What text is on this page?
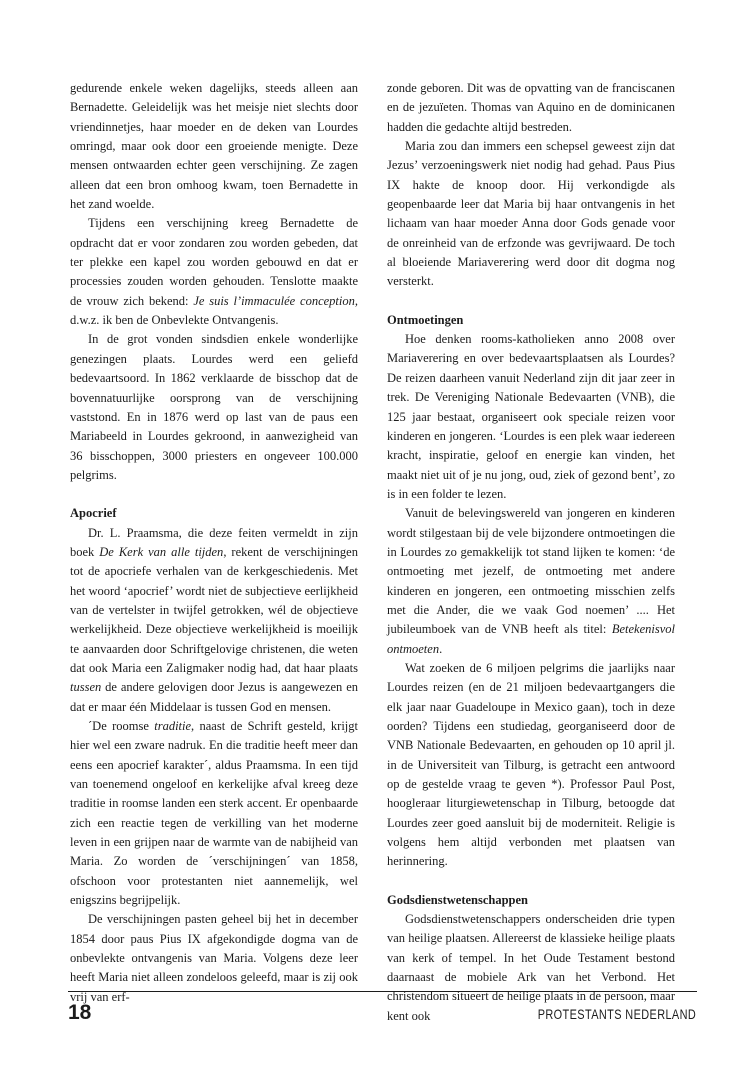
gedurende enkele weken dagelijks, steeds alleen aan Bernadette. Geleidelijk was het meisje niet slechts door vriendinnetjes, haar moeder en de deken van Lourdes omringd, maar ook door een groeiende menigte. Deze mensen ontwaarden echter geen verschijning. Ze zagen alleen dat een bron omhoog kwam, toen Bernadette in het zand woelde.

Tijdens een verschijning kreeg Bernadette de opdracht dat er voor zondaren zou worden gebeden, dat ter plekke een kapel zou worden gebouwd en dat er processies zouden worden gehouden. Tenslotte maakte de vrouw zich bekend: Je suis l’immaculée conception, d.w.z. ik ben de Onbevlekte Ontvangenis.

In de grot vonden sindsdien enkele wonderlijke genezingen plaats. Lourdes werd een geliefd bedevaartsoord. In 1862 verklaarde de bisschop dat de bovennatuurlijke oorsprong van de verschijning vaststond. En in 1876 werd op last van de paus een Mariabeeld in Lourdes gekroond, in aanwezigheid van 36 bisschoppen, 3000 priesters en ongeveer 100.000 pelgrims.

Apocrief

Dr. L. Praamsma, die deze feiten vermeldt in zijn boek De Kerk van alle tijden, rekent de verschijningen tot de apocriefe verhalen van de kerkgeschiedenis. Met het woord ‘apocrief’ wordt niet de subjectieve eerlijkheid van de vertelster in twijfel getrokken, wél de objectieve werkelijkheid. Deze objectieve werkelijkheid is moeilijk te aanvaarden door Schriftgelovige christenen, die weten dat ook Maria een Zaligmaker nodig had, dat haar plaats tussen de andere gelovigen door Jezus is aangewezen en dat er maar één Middelaar is tussen God en mensen.

´De roomse traditie, naast de Schrift gesteld, krijgt hier wel een zware nadruk. En die traditie heeft meer dan eens een apocrief karakter´, aldus Praamsma. In een tijd van toenemend ongeloof en kerkelijke afval kreeg deze traditie in roomse landen een sterk accent. Er openbaarde zich een reactie tegen de verkilling van het moderne leven in een grijpen naar de warmte van de nabijheid van Maria. Zo worden de ´verschijningen´ van 1858, ofschoon voor protestanten niet aannemelijk, wel enigszins begrijpelijk.

De verschijningen pasten geheel bij het in december 1854 door paus Pius IX afgekondigde dogma van de onbevlekte ontvangenis van Maria. Volgens deze leer heeft Maria niet alleen zondeloos geleefd, maar is zij ook vrij van erf-

zonde geboren. Dit was de opvatting van de franciscanen en de jezuïeten. Thomas van Aquino en de dominicanen hadden die gedachte altijd bestreden.

Maria zou dan immers een schepsel geweest zijn dat Jezus’ verzoeningswerk niet nodig had gehad. Paus Pius IX hakte de knoop door. Hij verkondigde als geopenbaarde leer dat Maria bij haar ontvangenis in het lichaam van haar moeder Anna door Gods genade voor de onreinheid van de erfzonde was gevrijwaard. De toch al bloeiende Mariaverering werd door dit dogma nog versterkt.

Ontmoetingen

Hoe denken rooms-katholieken anno 2008 over Mariaverering en over bedevaartsplaatsen als Lourdes? De reizen daarheen vanuit Nederland zijn dit jaar zeer in trek. De Vereniging Nationale Bedevaarten (VNB), die 125 jaar bestaat, organiseert ook speciale reizen voor kinderen en jongeren. ‘Lourdes is een plek waar iedereen kracht, inspiratie, geloof en energie kan vinden, het maakt niet uit of je nu jong, oud, ziek of gezond bent’, zo is in een folder te lezen.

Vanuit de belevingswereld van jongeren en kinderen wordt stilgestaan bij de vele bijzondere ontmoetingen die in Lourdes zo gemakkelijk tot stand lijken te komen: ‘de ontmoeting met jezelf, de ontmoeting met andere kinderen en jongeren, een ontmoeting misschien zelfs met die Ander, die we vaak God noemen’ .... Het jubileumboek van de VNB heeft als titel: Betekenisvol ontmoeten.

Wat zoeken de 6 miljoen pelgrims die jaarlijks naar Lourdes reizen (en de 21 miljoen bedevaartgangers die elk jaar naar Guadeloupe in Mexico gaan), toch in deze oorden? Tijdens een studiedag, georganiseerd door de VNB Nationale Bedevaarten, en gehouden op 10 april jl. in de Universiteit van Tilburg, is getracht een antwoord op de gestelde vraag te geven *). Professor Paul Post, hoogleraar liturgiewetenschap in Tilburg, betoogde dat Lourdes zeer goed aansluit bij de moderniteit. Religie is volgens hem altijd verbonden met plaatsen van herinnering.

Godsdienstwetenschappen

Godsdienstwetenschappers onderscheiden drie typen van heilige plaatsen. Allereerst de klassieke heilige plaats van kerk of tempel. In het Oude Testament bestond daarnaast de mobiele Ark van het Verbond. Het christendom situeert de heilige plaats in de persoon, maar kent ook

18	PROTESTANTS NEDERLAND
